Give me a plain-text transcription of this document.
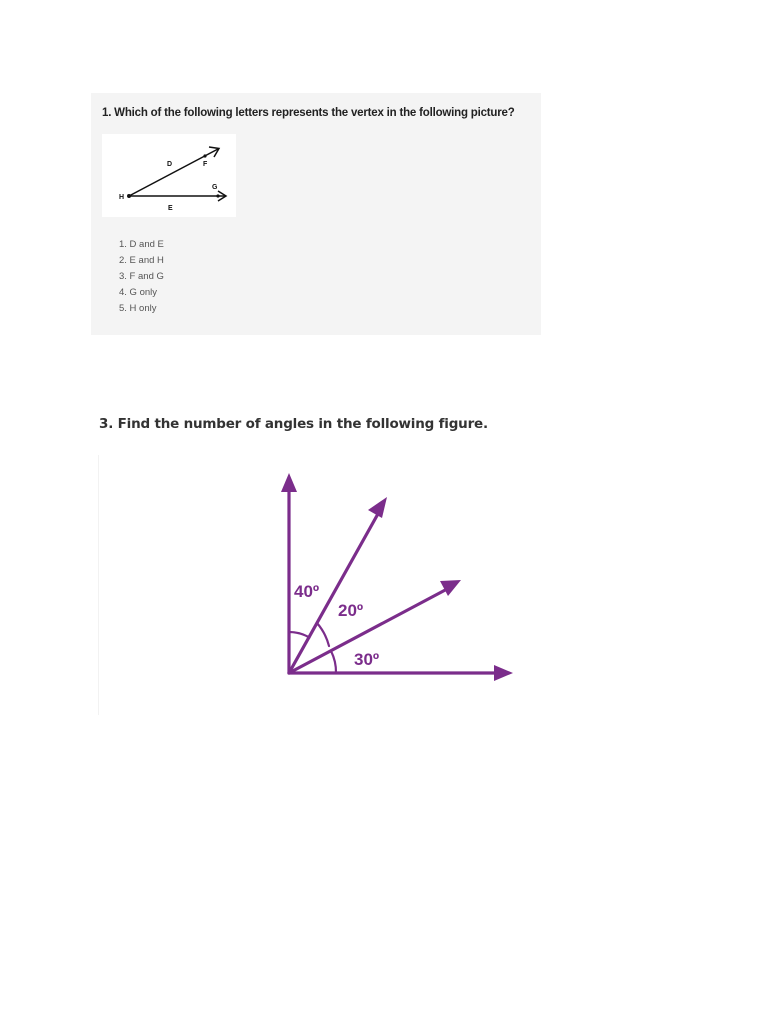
1. Which of the following letters represents the vertex in the following picture?
H
D	F
G
E
1. D and E
2. E and H
3. F and G
4. G only
5. H only
3. Find the number of angles in the following figure.
40º
20º
30º
